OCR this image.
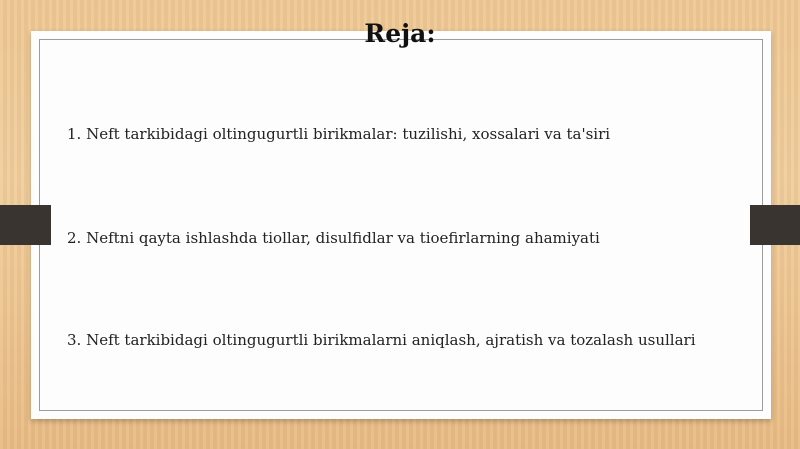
Reja:
1. Neft tarkibidagi oltingugurtli birikmalar: tuzilishi, xossalari va ta'siri
2. Neftni qayta ishlashda tiollar, disulfidlar va tioefirlarning ahamiyati
3. Neft tarkibidagi oltingugurtli birikmalarni aniqlash, ajratish va tozalash usullari
